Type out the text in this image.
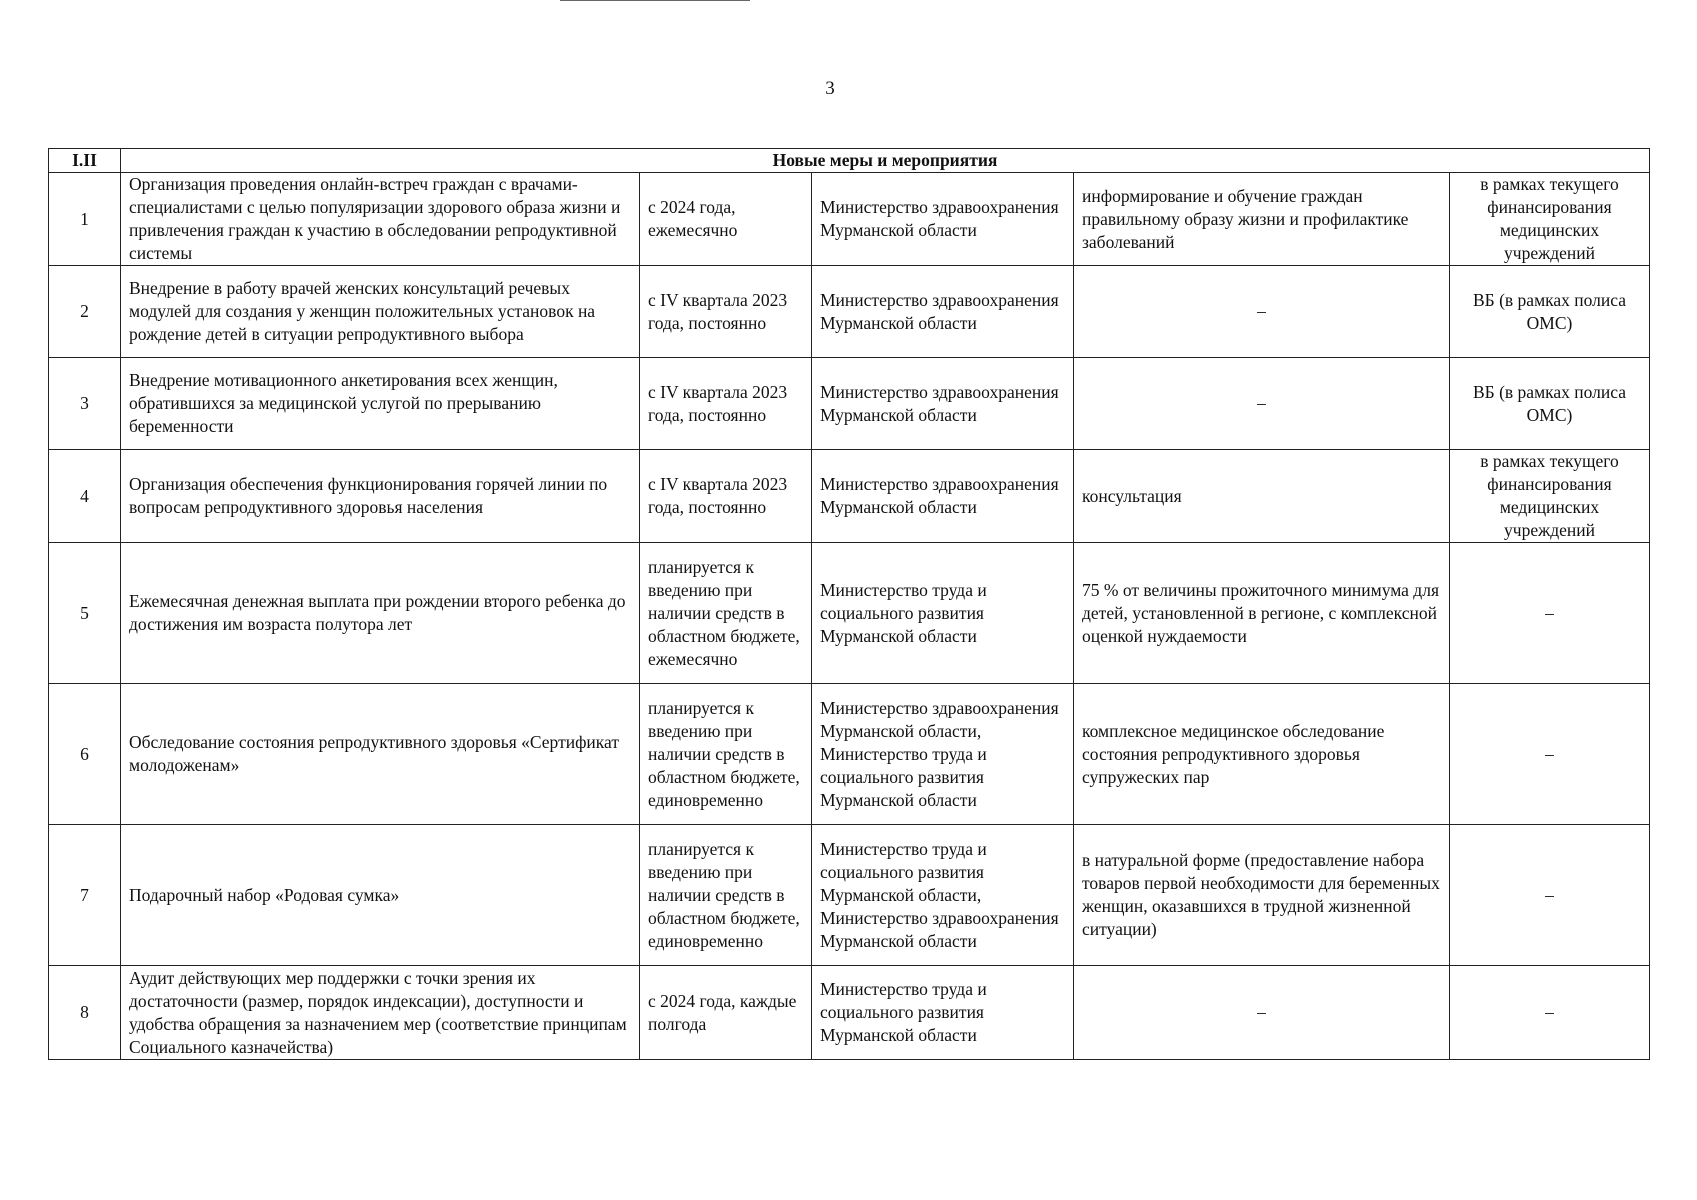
3
I.II	Новые меры и мероприятия				
1	Организация проведения онлайн-встреч граждан с врачами-специалистами с целью популяризации здорового образа жизни и привлечения граждан к участию в обследовании репродуктивной системы	с 2024 года, ежемесячно	Министерство здравоохранения Мурманской области	информирование и обучение граждан правильному образу жизни и профилактике заболеваний	в рамках текущего финансирования медицинских учреждений
2	Внедрение в работу врачей женских консультаций речевых модулей для создания у женщин положительных установок на рождение детей в ситуации репродуктивного выбора	с IV квартала 2023 года, постоянно	Министерство здравоохранения Мурманской области	–	ВБ (в рамках полиса ОМС)
3	Внедрение мотивационного анкетирования всех женщин, обратившихся за медицинской услугой по прерыванию беременности	с IV квартала 2023 года, постоянно	Министерство здравоохранения Мурманской области	–	ВБ (в рамках полиса ОМС)
4	Организация обеспечения функционирования горячей линии по вопросам репродуктивного здоровья населения	с IV квартала 2023 года, постоянно	Министерство здравоохранения Мурманской области	консультация	в рамках текущего финансирования медицинских учреждений
5	Ежемесячная денежная выплата при рождении второго ребенка до достижения им возраста полутора лет	планируется к введению при наличии средств в областном бюджете, ежемесячно	Министерство труда и социального развития Мурманской области	75 % от величины прожиточного минимума для детей, установленной в регионе, с комплексной оценкой нуждаемости	–
6	Обследование состояния репродуктивного здоровья «Сертификат молодоженам»	планируется к введению при наличии средств в областном бюджете, единовременно	Министерство здравоохранения Мурманской области, Министерство труда и социального развития Мурманской области	комплексное медицинское обследование состояния репродуктивного здоровья супружеских пар	–
7	Подарочный набор «Родовая сумка»	планируется к введению при наличии средств в областном бюджете, единовременно	Министерство труда и социального развития Мурманской области, Министерство здравоохранения Мурманской области	в натуральной форме (предоставление набора товаров первой необходимости для беременных женщин, оказавшихся в трудной жизненной ситуации)	–
8	Аудит действующих мер поддержки с точки зрения их достаточности (размер, порядок индексации), доступности и удобства обращения за назначением мер (соответствие принципам Социального казначейства)	с 2024 года, каждые полгода	Министерство труда и социального развития Мурманской области	–	–
